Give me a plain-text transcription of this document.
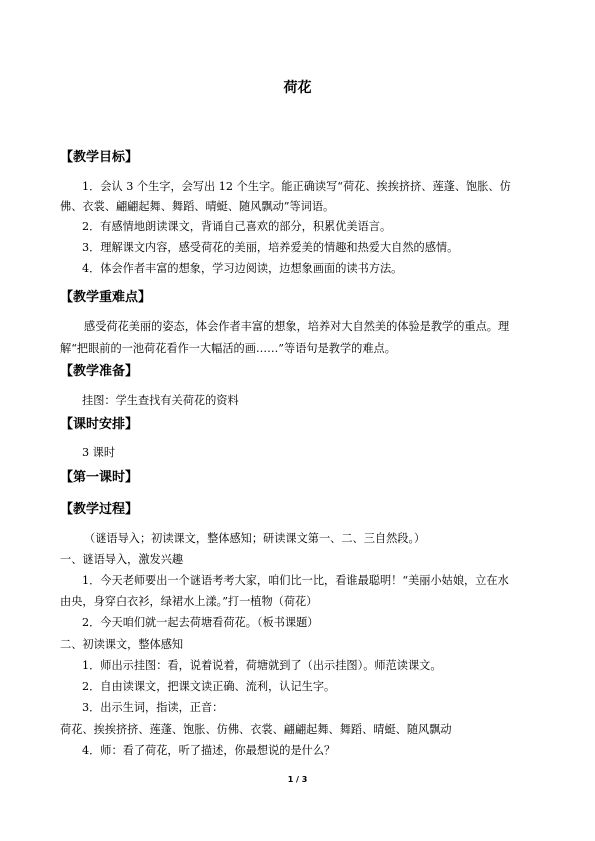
荷花
【教学目标】
1．会认 3 个生字，会写出 12 个生字。能正确读写“荷花、挨挨挤挤、莲蓬、饱胀、仿
佛、衣裳、翩翩起舞、舞蹈、晴蜓、随风飘动”等词语。
2．有感情地朗读课文，背诵自己喜欢的部分，积累优美语言。
3．理解课文内容，感受荷花的美丽，培养爱美的情趣和热爱大自然的感情。
4．体会作者丰富的想象，学习边阅读，边想象画面的读书方法。
【教学重难点】
感受荷花美丽的姿态，体会作者丰富的想象，培养对大自然美的体验是教学的重点。理
解“把眼前的一池荷花看作一大幅活的画……”等语句是教学的难点。
【教学准备】
挂图：学生查找有关荷花的资料
【课时安排】
3 课时
【第一课时】
【教学过程】
（谜语导入；初读课文，整体感知；研读课文第一、二、三自然段。）
一、谜语导入，激发兴趣
1．今天老师要出一个谜语考考大家，咱们比一比，看谁最聪明！“美丽小姑娘，立在水
由央，身穿白衣衫，绿裙水上漾。”打一植物（荷花）
2．今天咱们就一起去荷塘看荷花。（板书课题）
二、初读课文，整体感知
1．师出示挂图：看，说着说着，荷塘就到了（出示挂图）。师范读课文。
2．自由读课文，把课文读正确、流利，认记生字。
3．出示生词，指读，正音：
荷花、挨挨挤挤、莲蓬、饱胀、仿佛、衣裳、翩翩起舞、舞蹈、晴蜓、随风飘动
4．师：看了荷花，听了描述，你最想说的是什么？
1 / 3
